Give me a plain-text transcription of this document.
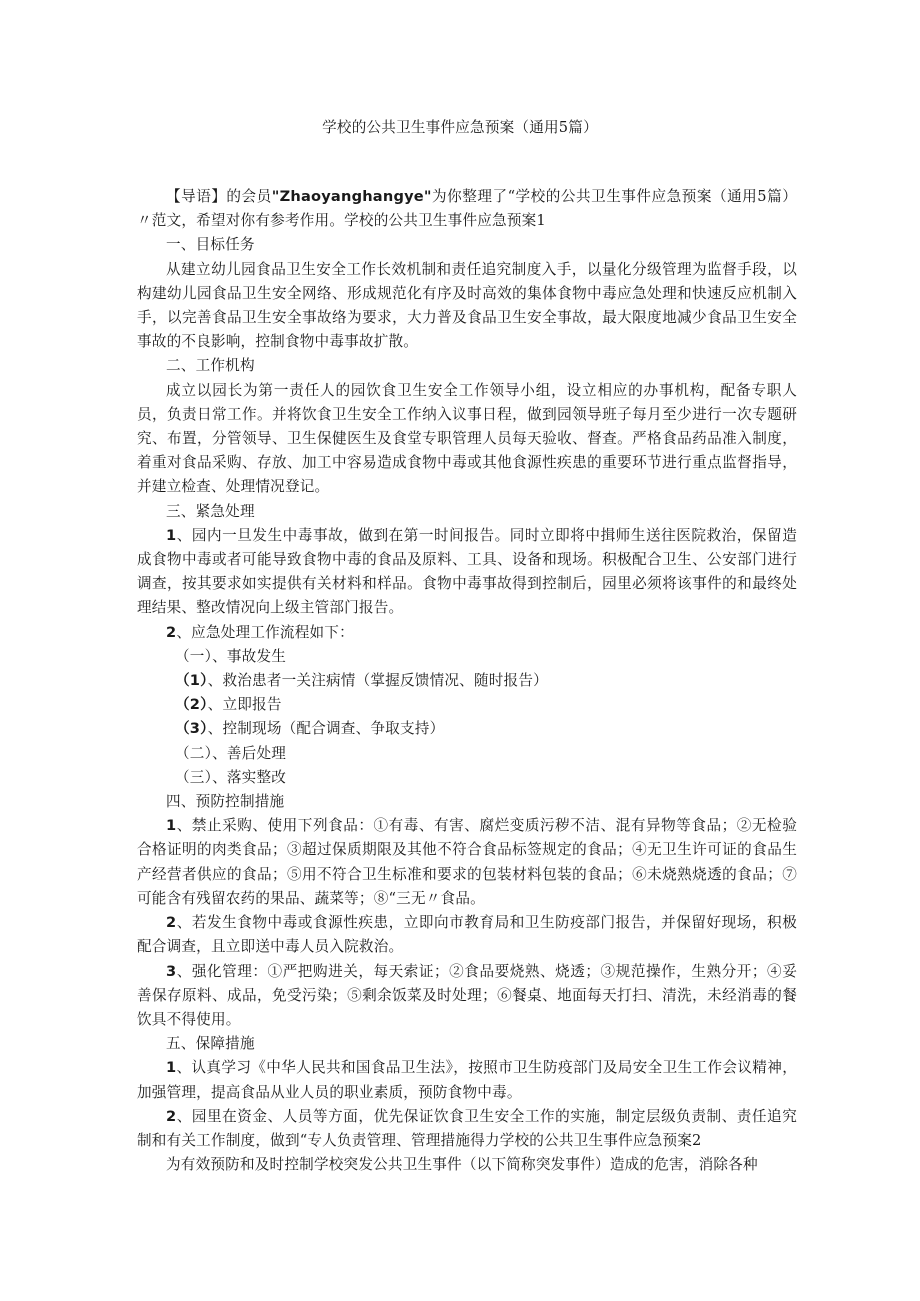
学校的公共卫生事件应急预案（通用5篇）

【导语】的会员"Zhaoyanghangye"为你整理了“学校的公共卫生事件应急预案（通用5篇）〃范文，希望对你有参考作用。学校的公共卫生事件应急预案1

一、目标任务

从建立幼儿园食品卫生安全工作长效机制和责任追究制度入手，以量化分级管理为监督手段，以构建幼儿园食品卫生安全网络、形成规范化有序及时高效的集体食物中毒应急处理和快速反应机制入手，以完善食品卫生安全事故络为要求，大力普及食品卫生安全事故，最大限度地减少食品卫生安全事故的不良影响，控制食物中毒事故扩散。

二、工作机构

成立以园长为第一责任人的园饮食卫生安全工作领导小组，设立相应的办事机构，配备专职人员，负责日常工作。并将饮食卫生安全工作纳入议事日程，做到园领导班子每月至少进行一次专题研究、布置，分管领导、卫生保健医生及食堂专职管理人员每天验收、督查。严格食品药品准入制度，着重对食品采购、存放、加工中容易造成食物中毒或其他食源性疾患的重要环节进行重点监督指导，并建立检查、处理情况登记。

三、紧急处理

1、园内一旦发生中毒事故，做到在第一时间报告。同时立即将中揖师生送往医院救治，保留造成食物中毒或者可能导致食物中毒的食品及原料、工具、设备和现场。积极配合卫生、公安部门进行调查，按其要求如实提供有关材料和样品。食物中毒事故得到控制后，园里必须将该事件的和最终处理结果、整改情况向上级主管部门报告。

2、应急处理工作流程如下：

（一）、事故发生

（1）、救治患者一关注病情（掌握反馈情况、随时报告）

（2）、立即报告

（3）、控制现场（配合调查、争取支持）

（二）、善后处理

（三）、落实整改

四、预防控制措施

1、禁止采购、使用下列食品：①有毒、有害、腐烂变质污秽不洁、混有异物等食品；②无检验合格证明的肉类食品；③超过保质期限及其他不符合食品标签规定的食品；④无卫生许可证的食品生产经营者供应的食品；⑤用不符合卫生标准和要求的包装材料包装的食品；⑥未烧熟烧透的食品；⑦可能含有残留农药的果品、蔬菜等；⑧“三无〃食品。

2、若发生食物中毒或食源性疾患，立即向市教育局和卫生防疫部门报告，并保留好现场，积极配合调查，且立即送中毒人员入院救治。

3、强化管理：①严把购进关，每天索证；②食品要烧熟、烧透；③规范操作，生熟分开；④妥善保存原料、成品，免受污染；⑤剩余饭菜及时处理；⑥餐桌、地面每天打扫、清洗，未经消毒的餐饮具不得使用。

五、保障措施

1、认真学习《中华人民共和国食品卫生法》，按照市卫生防疫部门及局安全卫生工作会议精神，加强管理，提高食品从业人员的职业素质，预防食物中毒。

2、园里在资金、人员等方面，优先保证饮食卫生安全工作的实施，制定层级负责制、责任追究制和有关工作制度，做到“专人负责管理、管理措施得力学校的公共卫生事件应急预案2

为有效预防和及时控制学校突发公共卫生事件（以下简称突发事件）造成的危害，消除各种
